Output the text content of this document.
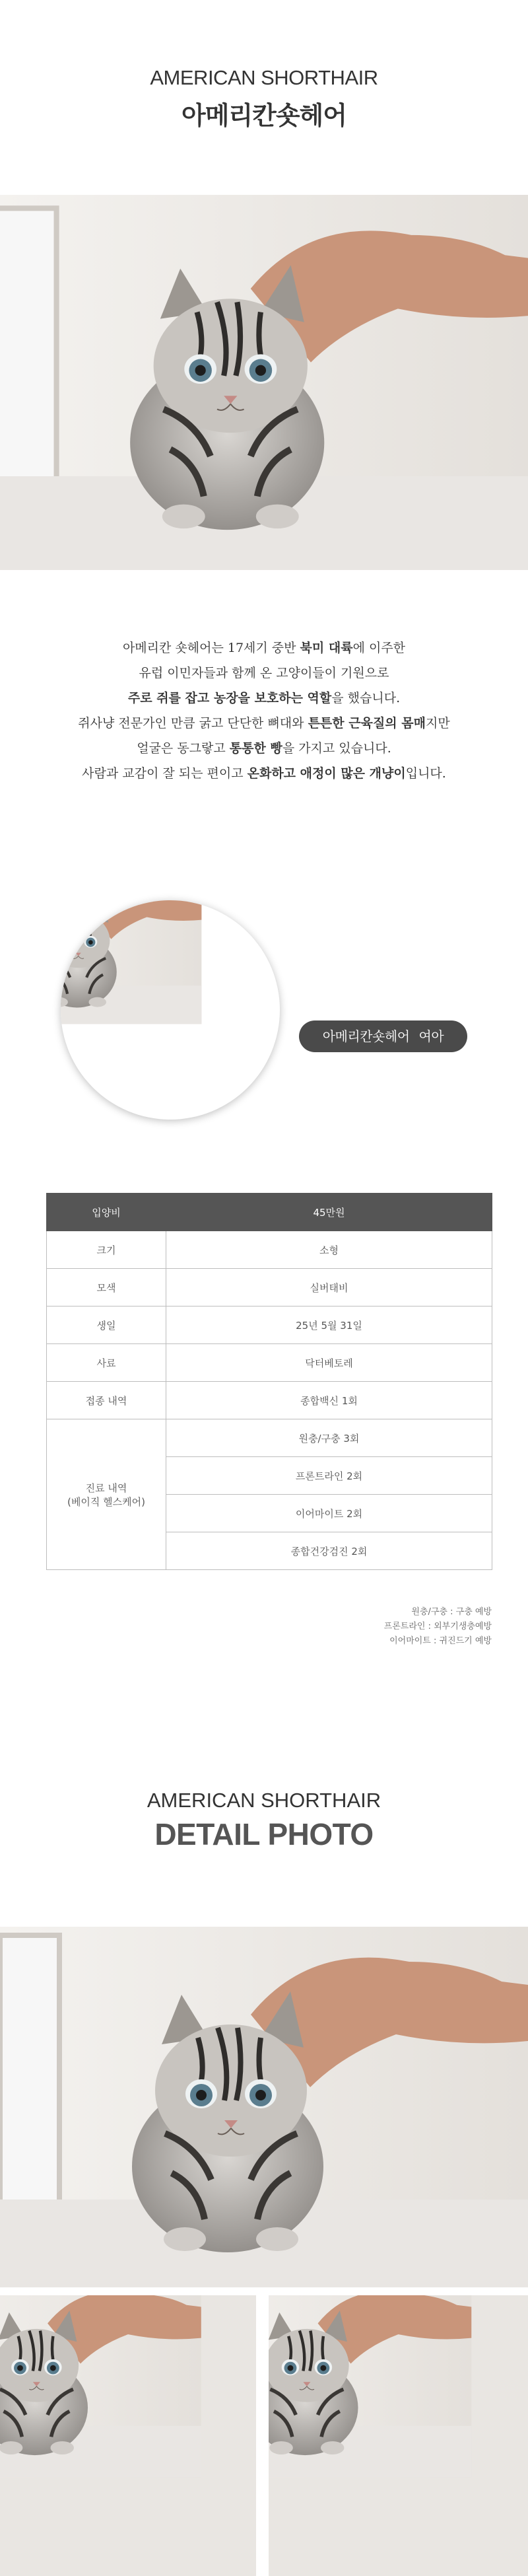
AMERICAN SHORTHAIR
아메리칸숏헤어
아메리칸 숏헤어는 17세기 중반 북미 대륙에 이주한
유럽 이민자들과 함께 온 고양이들이 기원으로
주로 쥐를 잡고 농장을 보호하는 역할을 했습니다.
쥐사냥 전문가인 만큼 굵고 단단한 뼈대와 튼튼한 근육질의 몸매지만
얼굴은 동그랗고 통통한 빵을 가지고 있습니다.
사람과 교감이 잘 되는 편이고 온화하고 애정이 많은 개냥이입니다.
아메리칸숏헤어 여아
입양비	45만원
크기	소형
모색	실버태비
생일	25년 5월 31일
사료	닥터베토레
접종 내역	종합백신 1회

진료 내역
(베이직 헬스케어)	원충/구충 3회
	프론트라인 2회
	이어마이트 2회
	종합건강검진 2회
원충/구충 : 구충 예방
프론트라인 : 외부기생충예방
이어마이트 : 귀진드기 예방
AMERICAN SHORTHAIR
DETAIL PHOTO
